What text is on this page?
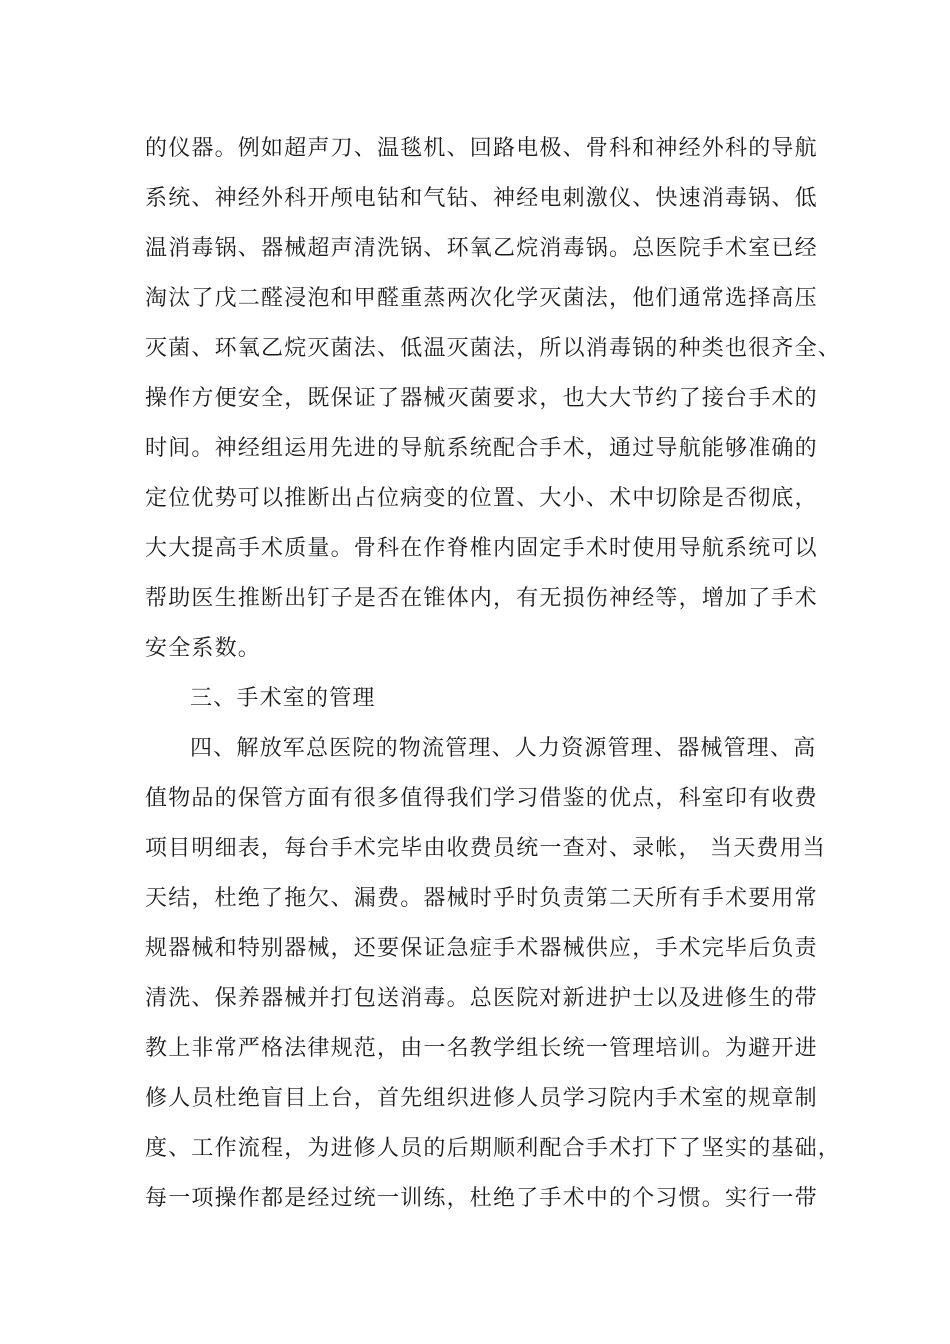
的仪器。例如超声刀、温毯机、回路电极、骨科和神经外科的导航
系统、神经外科开颅电钻和气钻、神经电刺激仪、快速消毒锅、低
温消毒锅、器械超声清洗锅、环氧乙烷消毒锅。总医院手术室已经
淘汰了戊二醛浸泡和甲醛重蒸两次化学灭菌法，他们通常选择高压
灭菌、环氧乙烷灭菌法、低温灭菌法，所以消毒锅的种类也很齐全、
操作方便安全，既保证了器械灭菌要求，也大大节约了接台手术的
时间。神经组运用先进的导航系统配合手术，通过导航能够准确的
定位优势可以推断出占位病变的位置、大小、术中切除是否彻底，
大大提高手术质量。骨科在作脊椎内固定手术时使用导航系统可以
帮助医生推断出钉子是否在锥体内，有无损伤神经等，增加了手术
安全系数。
三、手术室的管理
四、解放军总医院的物流管理、人力资源管理、器械管理、高
值物品的保管方面有很多值得我们学习借鉴的优点，科室印有收费
项目明细表，每台手术完毕由收费员统一查对、录帐， 当天费用当
天结，杜绝了拖欠、漏费。器械时乎时负责第二天所有手术要用常
规器械和特别器械，还要保证急症手术器械供应，手术完毕后负责
清洗、保养器械并打包送消毒。总医院对新进护士以及进修生的带
教上非常严格法律规范，由一名教学组长统一管理培训。为避开进
修人员杜绝盲目上台，首先组织进修人员学习院内手术室的规章制
度、工作流程，为进修人员的后期顺利配合手术打下了坚实的基础，
每一项操作都是经过统一训练，杜绝了手术中的个习惯。实行一带
